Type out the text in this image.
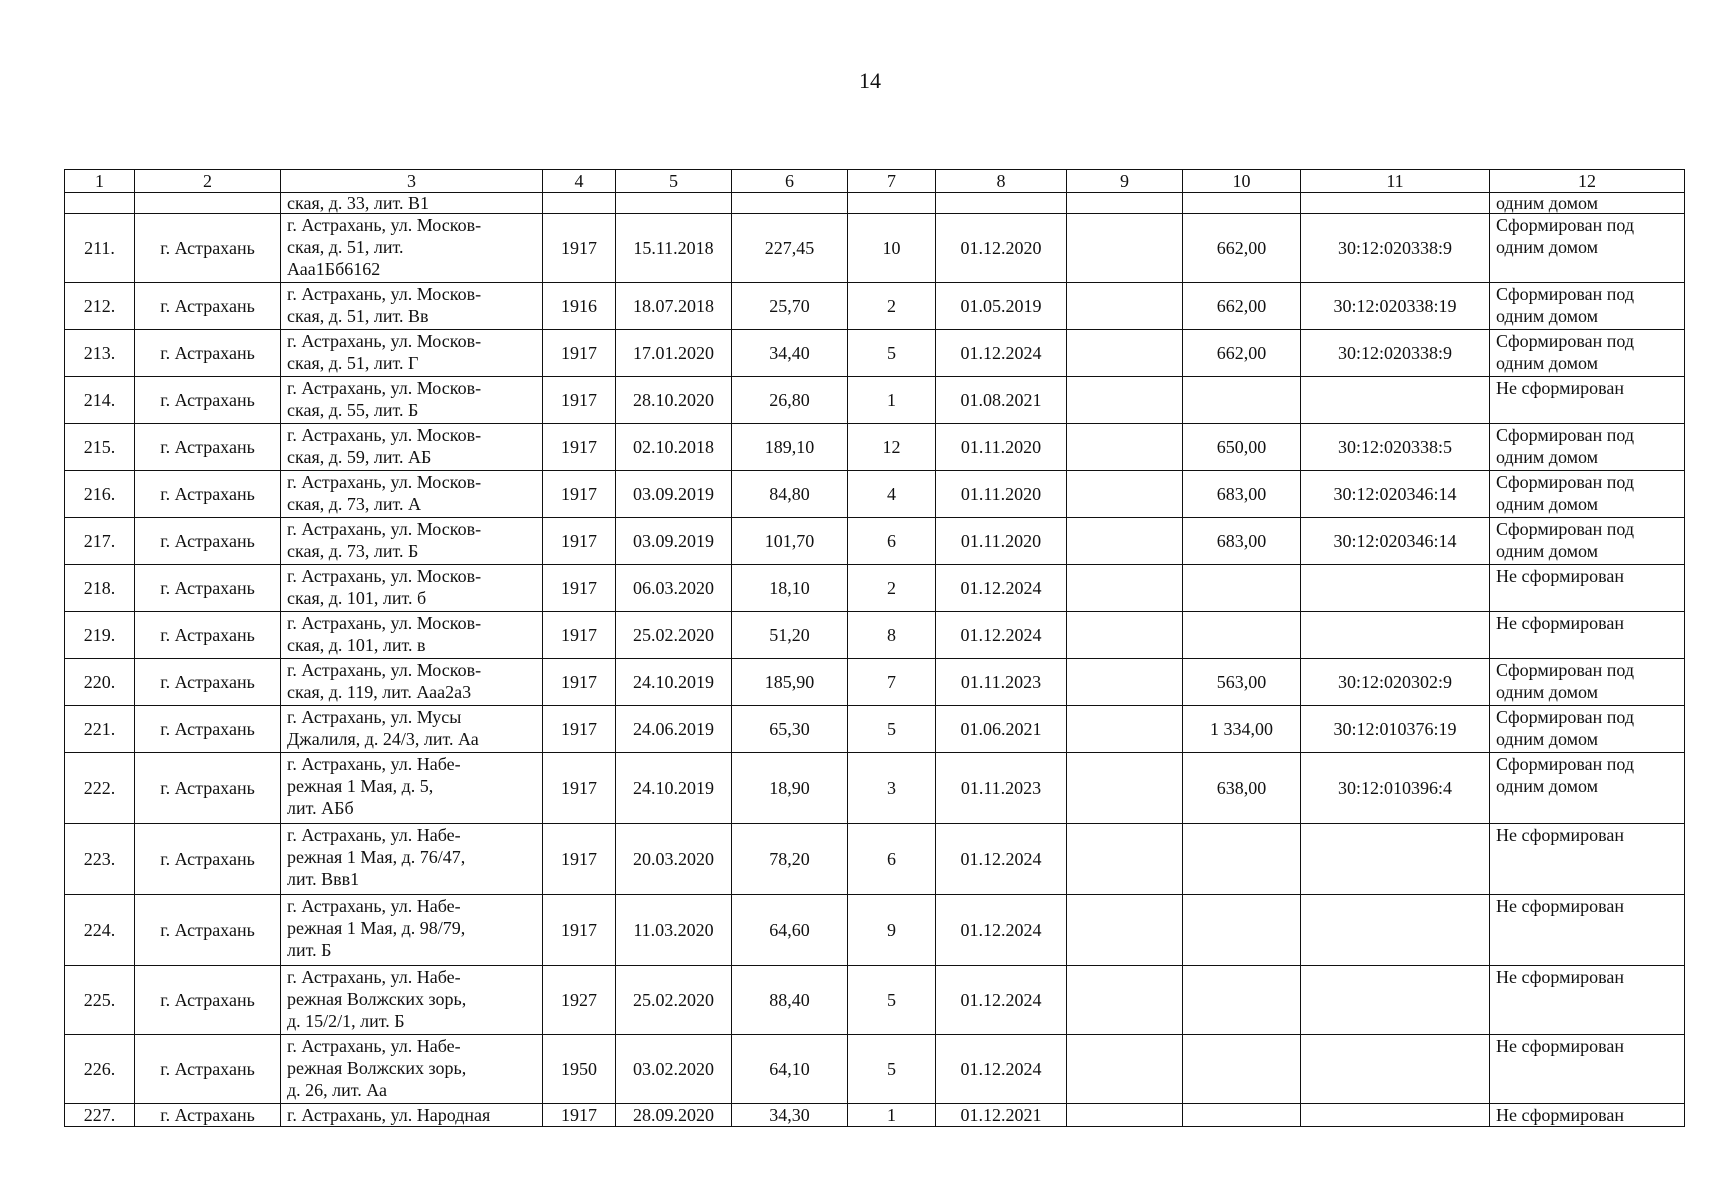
14
1	2	3	4	5	6	7	8	9	10	11	12
		ская, д. 33, лит. В1									одним домом
211.	г. Астрахань	г. Астрахань, ул. Москов-
ская, д. 51, лит.
Ааа1Бб6162	1917	15.11.2018	227,45	10	01.12.2020		662,00	30:12:020338:9	Сформирован под
одним домом
212.	г. Астрахань	г. Астрахань, ул. Москов-
ская, д. 51, лит. Вв	1916	18.07.2018	25,70	2	01.05.2019		662,00	30:12:020338:19	Сформирован под
одним домом
213.	г. Астрахань	г. Астрахань, ул. Москов-
ская, д. 51, лит. Г	1917	17.01.2020	34,40	5	01.12.2024		662,00	30:12:020338:9	Сформирован под
одним домом
214.	г. Астрахань	г. Астрахань, ул. Москов-
ская, д. 55, лит. Б	1917	28.10.2020	26,80	1	01.08.2021				Не сформирован
215.	г. Астрахань	г. Астрахань, ул. Москов-
ская, д. 59, лит. АБ	1917	02.10.2018	189,10	12	01.11.2020		650,00	30:12:020338:5	Сформирован под
одним домом
216.	г. Астрахань	г. Астрахань, ул. Москов-
ская, д. 73, лит. А	1917	03.09.2019	84,80	4	01.11.2020		683,00	30:12:020346:14	Сформирован под
одним домом
217.	г. Астрахань	г. Астрахань, ул. Москов-
ская, д. 73, лит. Б	1917	03.09.2019	101,70	6	01.11.2020		683,00	30:12:020346:14	Сформирован под
одним домом
218.	г. Астрахань	г. Астрахань, ул. Москов-
ская, д. 101, лит. б	1917	06.03.2020	18,10	2	01.12.2024				Не сформирован
219.	г. Астрахань	г. Астрахань, ул. Москов-
ская, д. 101, лит. в	1917	25.02.2020	51,20	8	01.12.2024				Не сформирован
220.	г. Астрахань	г. Астрахань, ул. Москов-
ская, д. 119, лит. Ааа2а3	1917	24.10.2019	185,90	7	01.11.2023		563,00	30:12:020302:9	Сформирован под
одним домом
221.	г. Астрахань	г. Астрахань, ул. Мусы
Джалиля, д. 24/3, лит. Аа	1917	24.06.2019	65,30	5	01.06.2021		1 334,00	30:12:010376:19	Сформирован под
одним домом
222.	г. Астрахань	г. Астрахань, ул. Набе-
режная 1 Мая, д. 5,
лит. АБб	1917	24.10.2019	18,90	3	01.11.2023		638,00	30:12:010396:4	Сформирован под
одним домом
223.	г. Астрахань	г. Астрахань, ул. Набе-
режная 1 Мая, д. 76/47,
лит. Ввв1	1917	20.03.2020	78,20	6	01.12.2024				Не сформирован
224.	г. Астрахань	г. Астрахань, ул. Набе-
режная 1 Мая, д. 98/79,
лит. Б	1917	11.03.2020	64,60	9	01.12.2024				Не сформирован
225.	г. Астрахань	г. Астрахань, ул. Набе-
режная Волжских зорь,
д. 15/2/1, лит. Б	1927	25.02.2020	88,40	5	01.12.2024				Не сформирован
226.	г. Астрахань	г. Астрахань, ул. Набе-
режная Волжских зорь,
д. 26, лит. Аа	1950	03.02.2020	64,10	5	01.12.2024				Не сформирован
227.	г. Астрахань	г. Астрахань, ул. Народная	1917	28.09.2020	34,30	1	01.12.2021				Не сформирован
